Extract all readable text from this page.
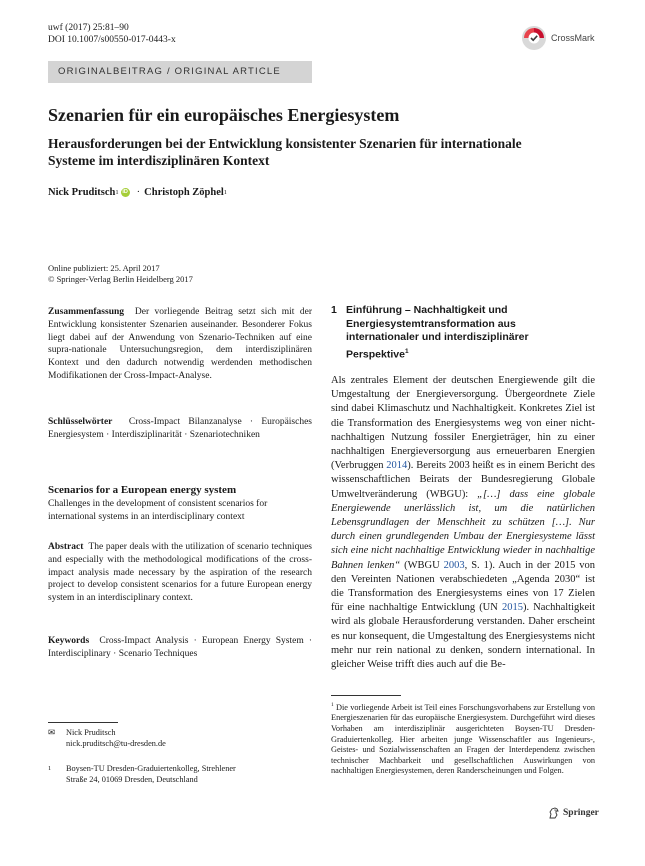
uwf (2017) 25:81–90
DOI 10.1007/s00550-017-0443-x	CrossMark
ORIGINALBEITRAG / ORIGINAL ARTICLE
Szenarien für ein europäisches Energiesystem
Herausforderungen bei der Entwicklung konsistenter Szenarien für internationale Systeme im interdisziplinären Kontext
Nick Pruditsch 1 iD · Christoph Zöphel 1
Online publiziert: 25. April 2017
© Springer-Verlag Berlin Heidelberg 2017
Zusammenfassung Der vorliegende Beitrag setzt sich mit der Entwicklung konsistenter Szenarien auseinander. Besonderer Fokus liegt dabei auf der Anwendung von Szenario-Techniken auf eine supra-nationale Untersuchungsregion, dem interdisziplinären Kontext und den dadurch notwendig werdenden methodischen Modifikationen der Cross-Impact-Analyse.
Schlüsselwörter Cross-Impact Bilanzanalyse · Europäisches Energiesystem · Interdisziplinarität · Szenariotechniken
Scenarios for a European energy system
Challenges in the development of consistent scenarios for international systems in an interdisciplinary context
Abstract The paper deals with the utilization of scenario techniques and especially with the methodological modifications of the cross-impact analysis made necessary by the aspiration of the research project to develop consistent scenarios for a future European energy system in an interdisciplinary context.
Keywords Cross-Impact Analysis · European Energy System · Interdisciplinary · Scenario Techniques
✉	Nick Pruditsch
nick.pruditsch@tu-dresden.de
1	Boysen-TU Dresden-Graduiertenkolleg, Strehlener
Straße 24, 01069 Dresden, Deutschland
1 Einführung – Nachhaltigkeit und Energiesystemtransformation aus internationaler und interdisziplinärer Perspektive$^1$
Als zentrales Element der deutschen Energiewende gilt die Umgestaltung der Energieversorgung. Übergeordnete Ziele sind dabei Klimaschutz und Nachhaltigkeit. Konkretes Ziel ist die Transformation des Energiesystems weg von einer nicht-nachhaltigen Nutzung fossiler Energieträger, hin zu einer nachhaltigen Energieversorgung aus erneuerbaren Energien (Verbruggen 2014). Bereits 2003 heißt es in einem Bericht des wissenschaftlichen Beirats der Bundesregierung Globale Umweltveränderung (WBGU): „[…] dass eine globale Energiewende unerlässlich ist, um die natürlichen Lebensgrundlagen der Menschheit zu schützen […]. Nur durch einen grundlegenden Umbau der Energiesysteme lässt sich eine nicht nachhaltige Entwicklung wieder in nachhaltige Bahnen lenken“ (WBGU 2003, S. 1). Auch in der 2015 von den Vereinten Nationen verabschiedeten „Agenda 2030“ ist die Transformation des Energiesystems eines von 17 Zielen für eine nachhaltige Entwicklung (UN 2015). Nachhaltigkeit wird als globale Herausforderung verstanden. Daher erscheint es nur konsequent, die Umgestaltung des Energiesystems nicht mehr nur rein national zu denken, sondern international. In gleicher Weise trifft dies auch auf die Be-
$^1$ Die vorliegende Arbeit ist Teil eines Forschungsvorhabens zur Erstellung von Energieszenarien für das europäische Energiesystem. Durchgeführt wird dieses Vorhaben am interdisziplinär ausgerichteten Boysen-TU Dresden-Graduiertenkolleg. Hier arbeiten junge Wissenschaftler aus Ingenieurs-, Geistes- und Sozialwissenschaften an Fragen der Interdependenz zwischen technischer Machbarkeit und gesellschaftlichen Auswirkungen von nachhaltigen Energiesystemen, deren Randerscheinungen und Folgen.
Springer
